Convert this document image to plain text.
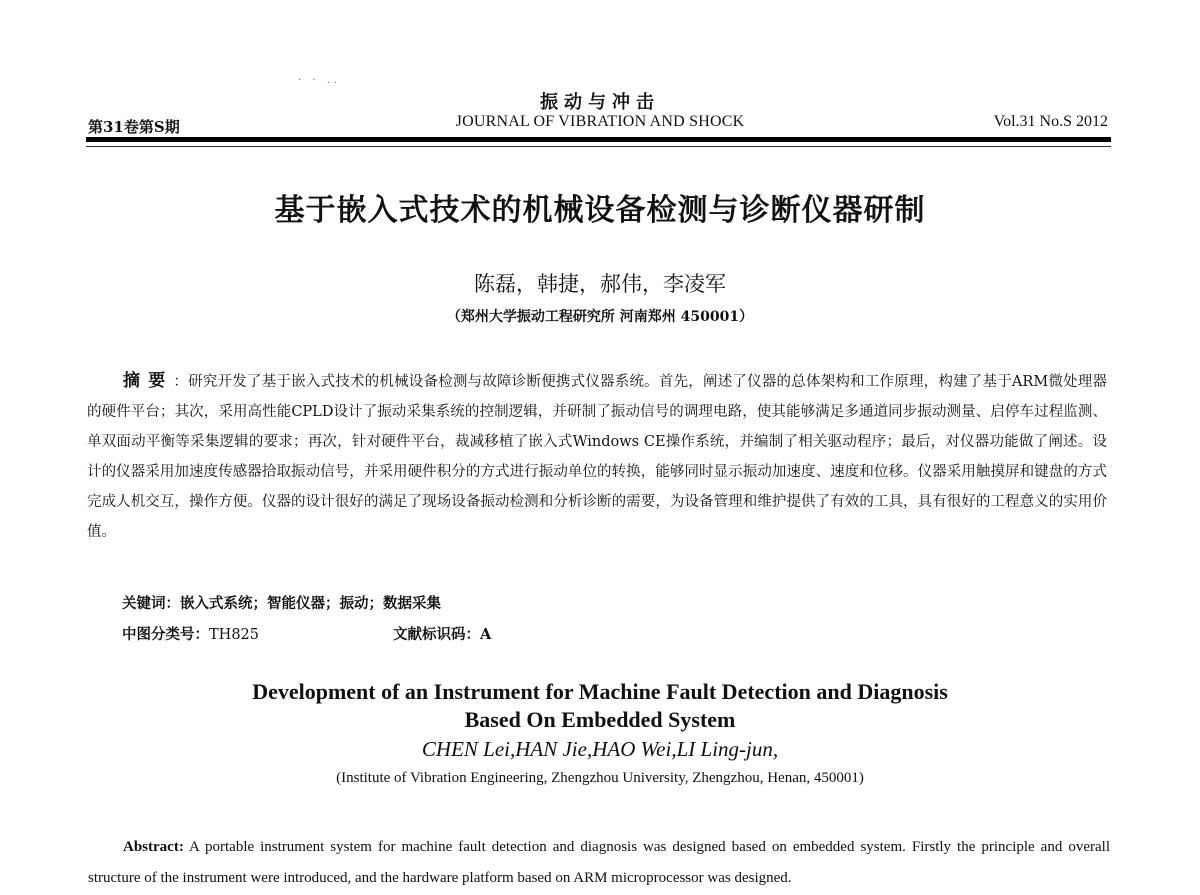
· · ..
振动与冲击
第31卷第S期	JOURNAL OF VIBRATION AND SHOCK	Vol.31 No.S 2012
基于嵌入式技术的机械设备检测与诊断仪器研制
陈磊，韩捷，郝伟，李凌军
（郑州大学振动工程研究所 河南郑州 450001）
摘要：研究开发了基于嵌入式技术的机械设备检测与故障诊断便携式仪器系统。首先，阐述了仪器的总体架构和工作原理，构建了基于ARM微处理器的硬件平台；其次，采用高性能CPLD设计了振动采集系统的控制逻辑，并研制了振动信号的调理电路，使其能够满足多通道同步振动测量、启停车过程监测、单双面动平衡等采集逻辑的要求；再次，针对硬件平台，裁减移植了嵌入式Windows CE操作系统，并编制了相关驱动程序；最后，对仪器功能做了阐述。设计的仪器采用加速度传感器拾取振动信号，并采用硬件积分的方式进行振动单位的转换，能够同时显示振动加速度、速度和位移。仪器采用触摸屏和键盘的方式完成人机交互，操作方便。仪器的设计很好的满足了现场设备振动检测和分析诊断的需要，为设备管理和维护提供了有效的工具，具有很好的工程意义的实用价值。
关键词：嵌入式系统；智能仪器；振动；数据采集
中图分类号：TH825	文献标识码：A
Development of an Instrument for Machine Fault Detection and Diagnosis
Based On Embedded System
CHEN Lei,HAN Jie,HAO Wei,LI Ling-jun,
(Institute of Vibration Engineering, Zhengzhou University, Zhengzhou, Henan, 450001)
Abstract: A portable instrument system for machine fault detection and diagnosis was designed based on embedded system. Firstly the principle and overall structure of the instrument were introduced, and the hardware platform based on ARM microprocessor was designed.
